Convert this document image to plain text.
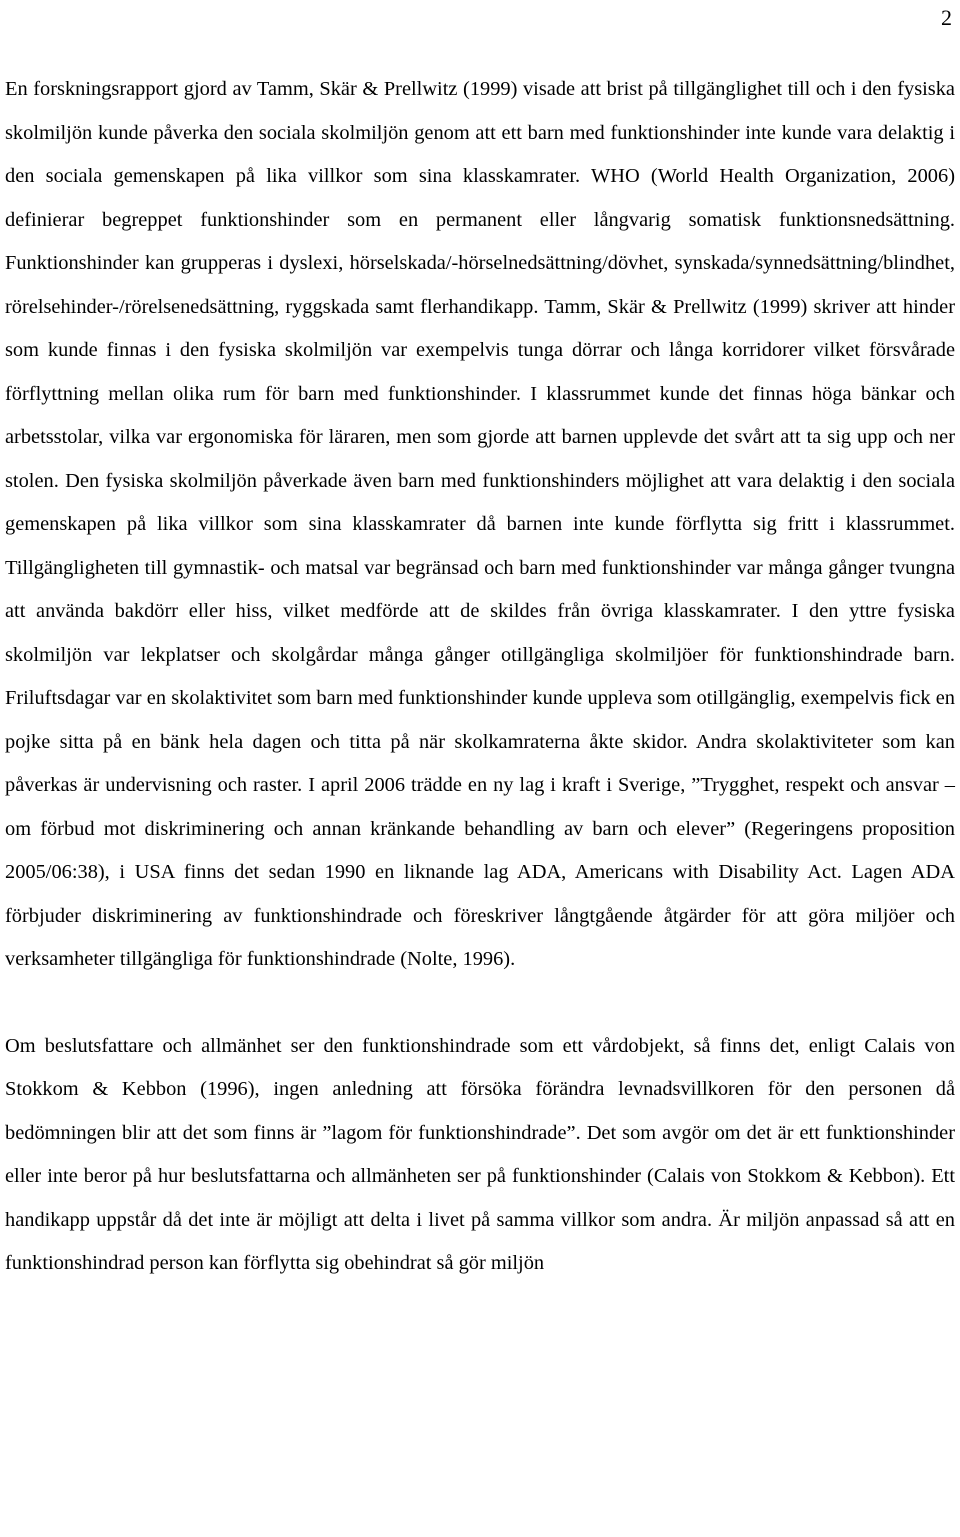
2

En forskningsrapport gjord av Tamm, Skär & Prellwitz (1999) visade att brist på tillgänglighet till och i den fysiska skolmiljön kunde påverka den sociala skolmiljön genom att ett barn med funktionshinder inte kunde vara delaktig i den sociala gemenskapen på lika villkor som sina klasskamrater. WHO (World Health Organization, 2006) definierar begreppet funktionshinder som en permanent eller långvarig somatisk funktionsnedsättning. Funktionshinder kan grupperas i dyslexi, hörselskada/-hörselnedsättning/dövhet, synskada/synnedsättning/blindhet, rörelsehinder-/rörelsenedsättning, ryggskada samt flerhandikapp. Tamm, Skär & Prellwitz (1999) skriver att hinder som kunde finnas i den fysiska skolmiljön var exempelvis tunga dörrar och långa korridorer vilket försvårade förflyttning mellan olika rum för barn med funktionshinder. I klassrummet kunde det finnas höga bänkar och arbetsstolar, vilka var ergonomiska för läraren, men som gjorde att barnen upplevde det svårt att ta sig upp och ner stolen. Den fysiska skolmiljön påverkade även barn med funktionshinders möjlighet att vara delaktig i den sociala gemenskapen på lika villkor som sina klasskamrater då barnen inte kunde förflytta sig fritt i klassrummet. Tillgängligheten till gymnastik- och matsal var begränsad och barn med funktionshinder var många gånger tvungna att använda bakdörr eller hiss, vilket medförde att de skildes från övriga klasskamrater. I den yttre fysiska skolmiljön var lekplatser och skolgårdar många gånger otillgängliga skolmiljöer för funktionshindrade barn. Friluftsdagar var en skolaktivitet som barn med funktionshinder kunde uppleva som otillgänglig, exempelvis fick en pojke sitta på en bänk hela dagen och titta på när skolkamraterna åkte skidor. Andra skolaktiviteter som kan påverkas är undervisning och raster. I april 2006 trädde en ny lag i kraft i Sverige, ”Trygghet, respekt och ansvar – om förbud mot diskriminering och annan kränkande behandling av barn och elever” (Regeringens proposition 2005/06:38), i USA finns det sedan 1990 en liknande lag ADA, Americans with Disability Act. Lagen ADA förbjuder diskriminering av funktionshindrade och föreskriver långtgående åtgärder för att göra miljöer och verksamheter tillgängliga för funktionshindrade (Nolte, 1996).

Om beslutsfattare och allmänhet ser den funktionshindrade som ett vårdobjekt, så finns det, enligt Calais von Stokkom & Kebbon (1996), ingen anledning att försöka förändra levnadsvillkoren för den personen då bedömningen blir att det som finns är ”lagom för funktionshindrade”. Det som avgör om det är ett funktionshinder eller inte beror på hur beslutsfattarna och allmänheten ser på funktionshinder (Calais von Stokkom & Kebbon). Ett handikapp uppstår då det inte är möjligt att delta i livet på samma villkor som andra. Är miljön anpassad så att en funktionshindrad person kan förflytta sig obehindrat så gör miljön
